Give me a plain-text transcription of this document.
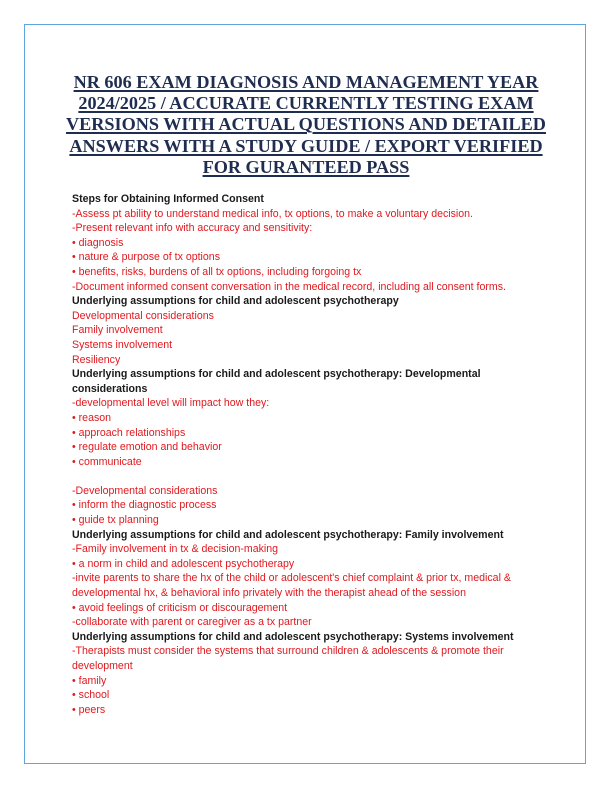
NR 606 EXAM DIAGNOSIS AND MANAGEMENT YEAR 2024/2025 / ACCURATE CURRENTLY TESTING EXAM VERSIONS WITH ACTUAL QUESTIONS AND DETAILED ANSWERS WITH A STUDY GUIDE / EXPORT VERIFIED FOR GURANTEED PASS

Steps for Obtaining Informed Consent

-Assess pt ability to understand medical info, tx options, to make a voluntary decision.

-Present relevant info with accuracy and sensitivity:

• diagnosis

• nature & purpose of tx options

• benefits, risks, burdens of all tx options, including forgoing tx

-Document informed consent conversation in the medical record, including all consent forms.

Underlying assumptions for child and adolescent psychotherapy

Developmental considerations

Family involvement

Systems involvement

Resiliency

Underlying assumptions for child and adolescent psychotherapy: Developmental considerations

-developmental level will impact how they:

• reason

• approach relationships

• regulate emotion and behavior

• communicate

-Developmental considerations

• inform the diagnostic process

• guide tx planning

Underlying assumptions for child and adolescent psychotherapy: Family involvement

-Family involvement in tx & decision-making

• a norm in child and adolescent psychotherapy

-invite parents to share the hx of the child or adolescent's chief complaint & prior tx, medical & developmental hx, & behavioral info privately with the therapist ahead of the session

• avoid feelings of criticism or discouragement

-collaborate with parent or caregiver as a tx partner

Underlying assumptions for child and adolescent psychotherapy: Systems involvement

-Therapists must consider the systems that surround children & adolescents & promote their development

• family

• school

• peers
